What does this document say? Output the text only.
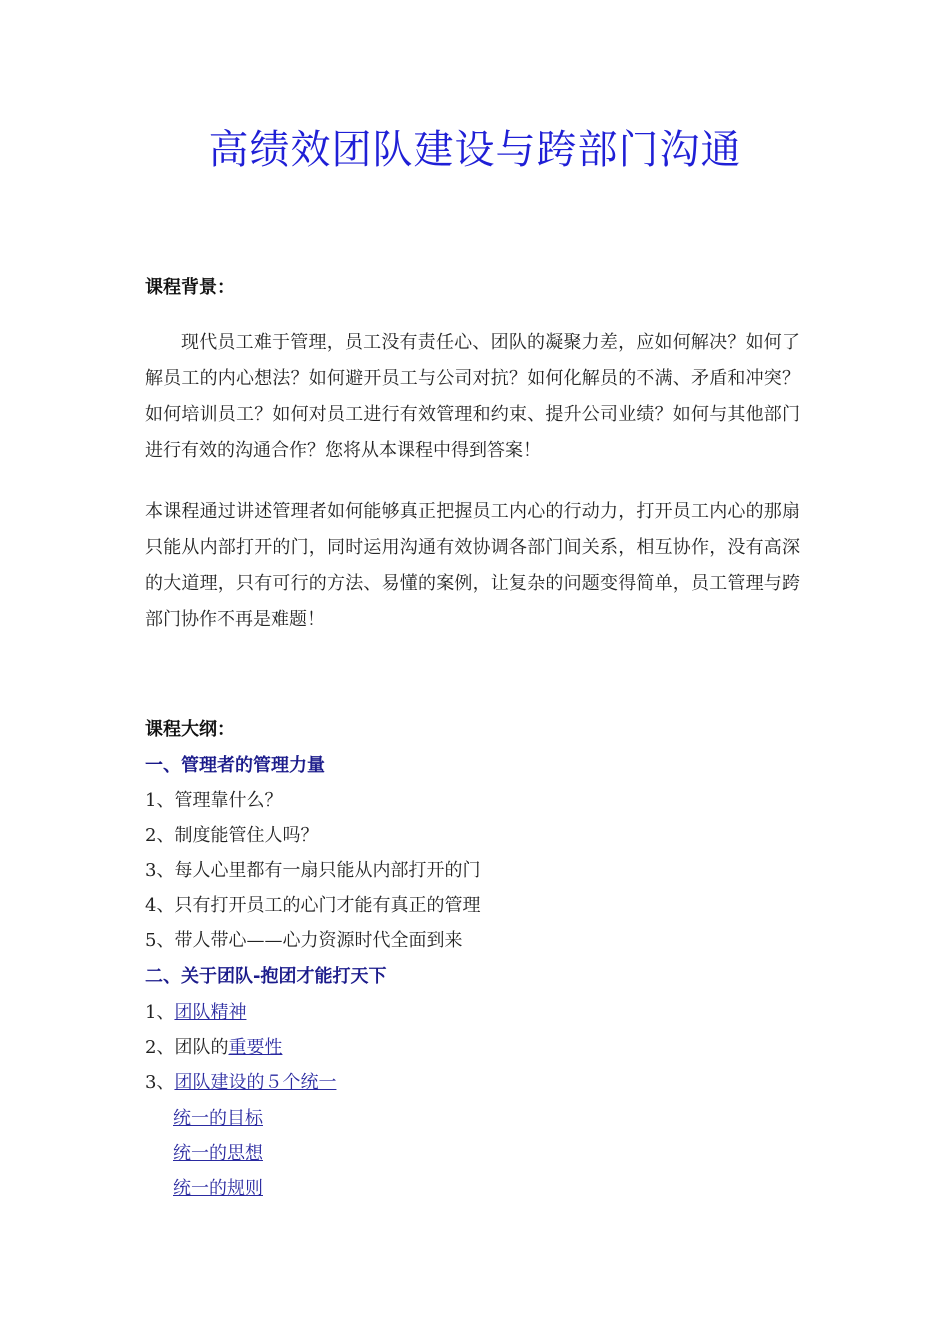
高绩效团队建设与跨部门沟通
课程背景：
现代员工难于管理，员工没有责任心、团队的凝聚力差，应如何解决？如何了解员工的内心想法？如何避开员工与公司对抗？如何化解员的不满、矛盾和冲突？如何培训员工？如何对员工进行有效管理和约束、提升公司业绩？如何与其他部门进行有效的沟通合作？您将从本课程中得到答案！
本课程通过讲述管理者如何能够真正把握员工内心的行动力，打开员工内心的那扇只能从内部打开的门，同时运用沟通有效协调各部门间关系，相互协作，没有高深的大道理，只有可行的方法、易懂的案例，让复杂的问题变得简单，员工管理与跨部门协作不再是难题！
课程大纲：
一、管理者的管理力量
1、管理靠什么？
2、制度能管住人吗？
3、每人心里都有一扇只能从内部打开的门
4、只有打开员工的心门才能有真正的管理
5、带人带心——心力资源时代全面到来
二、关于团队-抱团才能打天下
1、团队精神
2、团队的重要性
3、团队建设的５个统一
统一的目标
统一的思想
统一的规则
